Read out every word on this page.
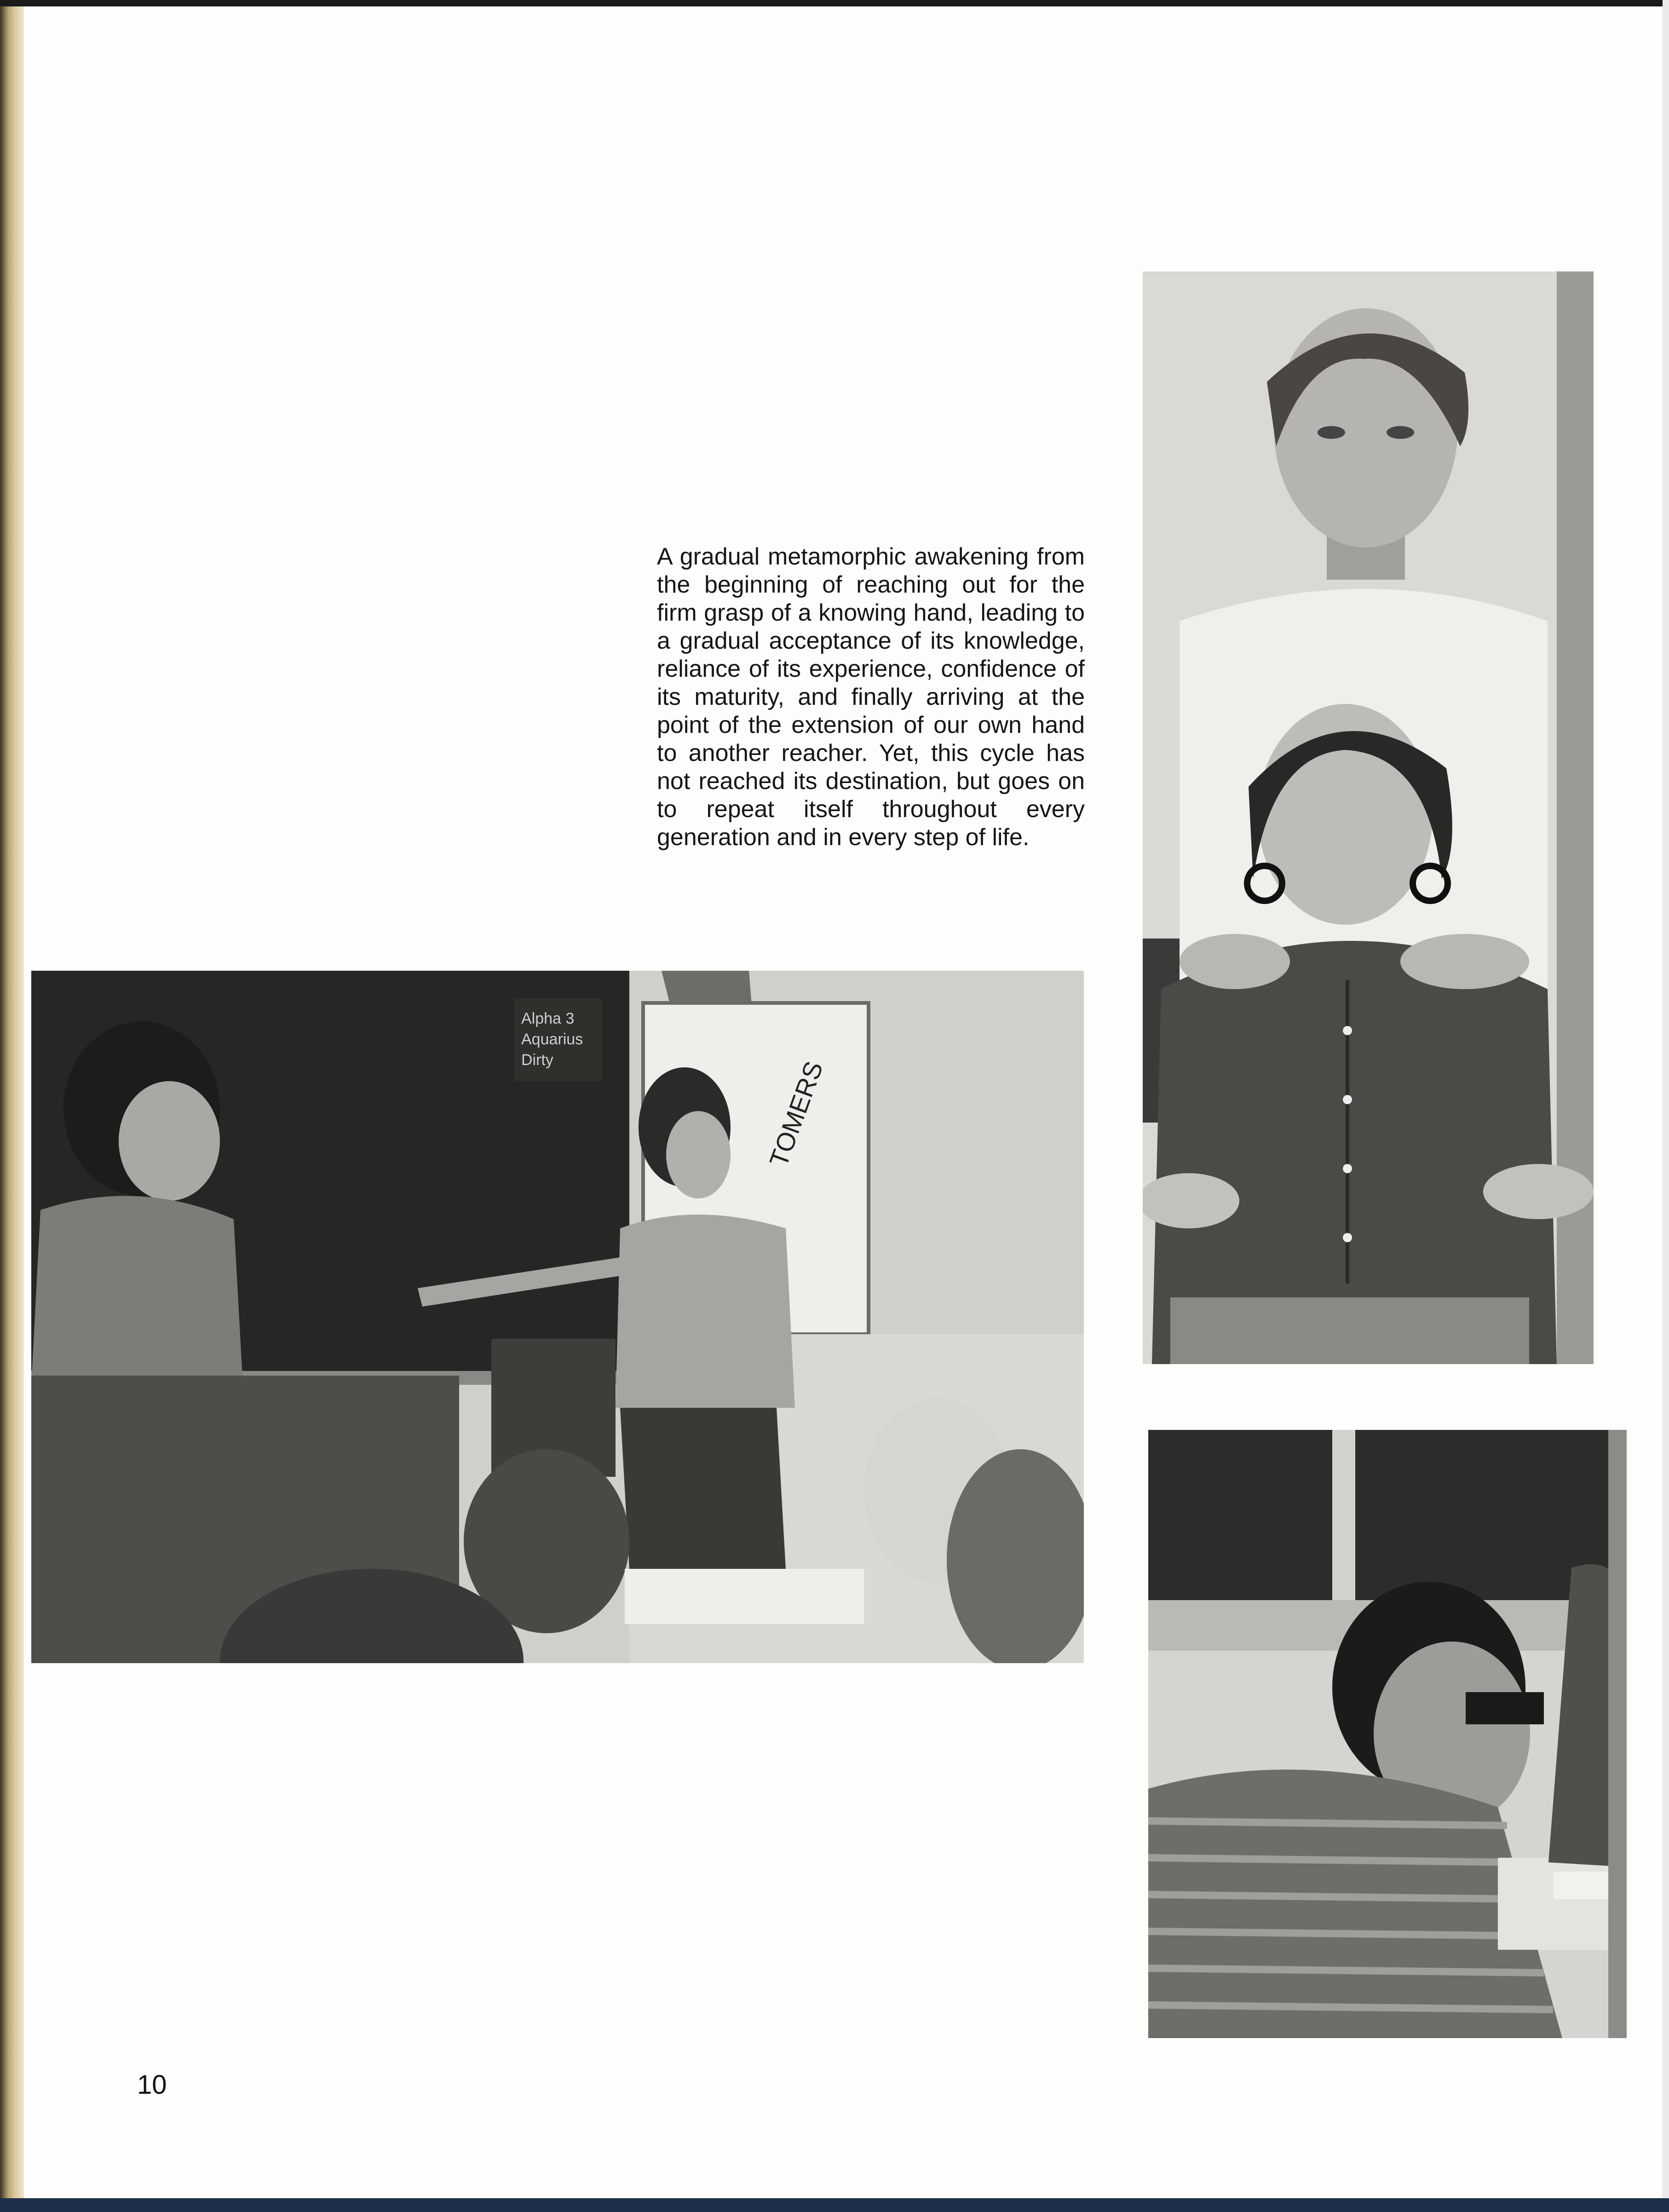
A gradual metamorphic awakening from the beginning of reaching out for the firm grasp of a knowing hand, leading to a gradual acceptance of its knowledge, reliance of its experience, confidence of its maturity, and finally arriving at the point of the extension of our own hand to another reacher. Yet, this cycle has not reached its destination, but goes on to repeat itself throughout every generation and in every step of life.

TOMERS
Alpha 3
Aquarius
Dirty
10
